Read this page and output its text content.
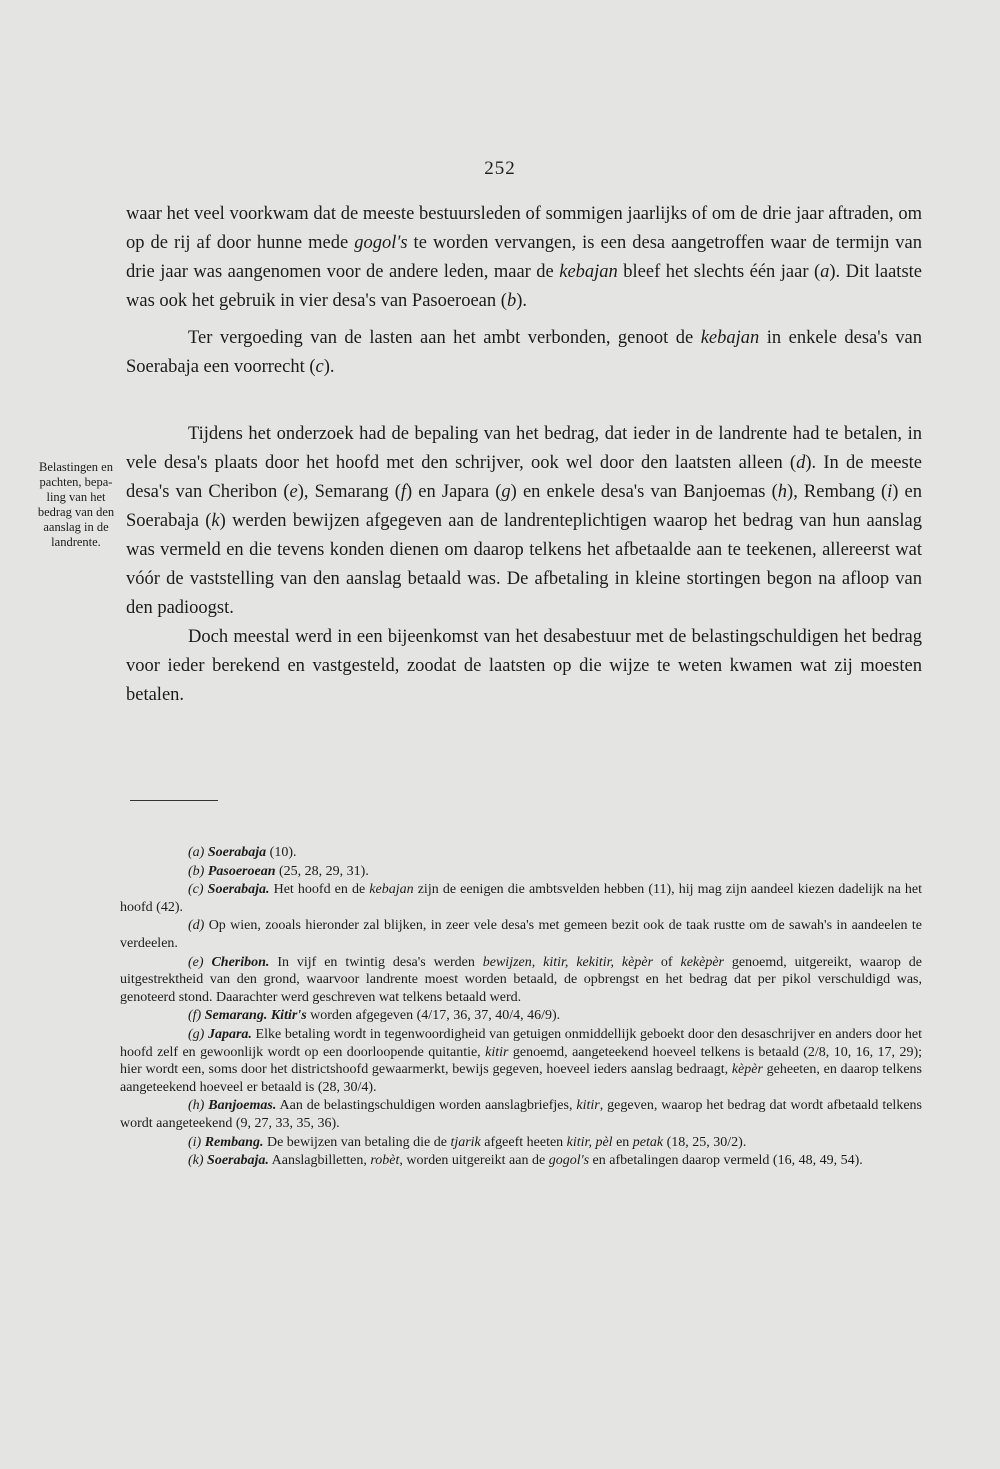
252

waar het veel voorkwam dat de meeste bestuursleden of sommigen jaarlijks of om de drie jaar aftraden, om op de rij af door hunne mede gogol's te worden vervangen, is een desa aangetroffen waar de termijn van drie jaar was aangenomen voor de andere leden, maar de kebajan bleef het slechts één jaar (a). Dit laatste was ook het gebruik in vier desa's van Pasoeroean (b).

Ter vergoeding van de lasten aan het ambt verbonden, genoot de kebajan in enkele desa's van Soerabaja een voorrecht (c).

Tijdens het onderzoek had de bepaling van het bedrag, dat ieder in de landrente had te betalen, in vele desa's plaats door het hoofd met den schrijver, ook wel door den laatsten alleen (d). In de meeste desa's van Cheribon (e), Semarang (f) en Japara (g) en enkele desa's van Banjoemas (h), Rembang (i) en Soerabaja (k) werden bewijzen afgegeven aan de landrenteplichtigen waarop het bedrag van hun aanslag was vermeld en die tevens konden dienen om daarop telkens het afbetaalde aan te teekenen, allereerst wat vóór de vaststelling van den aanslag betaald was. De afbetaling in kleine stortingen begon na afloop van den padioogst.

Doch meestal werd in een bijeenkomst van het desabestuur met de belastingschuldigen het bedrag voor ieder berekend en vastgesteld, zoodat de laatsten op die wijze te weten kwamen wat zij moesten betalen.

Belastingen en
pachten, bepa-
ling van het
bedrag van den
aanslag in de
landrente.

(a) Soerabaja (10).

(b) Pasoeroean (25, 28, 29, 31).

(c) Soerabaja. Het hoofd en de kebajan zijn de eenigen die ambtsvelden hebben (11), hij mag zijn aandeel kiezen dadelijk na het hoofd (42).

(d) Op wien, zooals hieronder zal blijken, in zeer vele desa's met gemeen bezit ook de taak rustte om de sawah's in aandeelen te verdeelen.

(e) Cheribon. In vijf en twintig desa's werden bewijzen, kitir, kekitir, kèpèr of kekèpèr genoemd, uitgereikt, waarop de uitgestrektheid van den grond, waarvoor landrente moest worden betaald, de opbrengst en het bedrag dat per pikol verschuldigd was, genoteerd stond. Daarachter werd geschreven wat telkens betaald werd.

(f) Semarang. Kitir's worden afgegeven (4/17, 36, 37, 40/4, 46/9).

(g) Japara. Elke betaling wordt in tegenwoordigheid van getuigen onmiddellijk geboekt door den desaschrijver en anders door het hoofd zelf en gewoonlijk wordt op een doorloopende quitantie, kitir genoemd, aangeteekend hoeveel telkens is betaald (2/8, 10, 16, 17, 29); hier wordt een, soms door het districtshoofd gewaarmerkt, bewijs gegeven, hoeveel ieders aanslag bedraagt, kèpèr geheeten, en daarop telkens aangeteekend hoeveel er betaald is (28, 30/4).

(h) Banjoemas. Aan de belastingschuldigen worden aanslagbriefjes, kitir, gegeven, waarop het bedrag dat wordt afbetaald telkens wordt aangeteekend (9, 27, 33, 35, 36).

(i) Rembang. De bewijzen van betaling die de tjarik afgeeft heeten kitir, pèl en petak (18, 25, 30/2).

(k) Soerabaja. Aanslagbilletten, robèt, worden uitgereikt aan de gogol's en afbetalingen daarop vermeld (16, 48, 49, 54).
